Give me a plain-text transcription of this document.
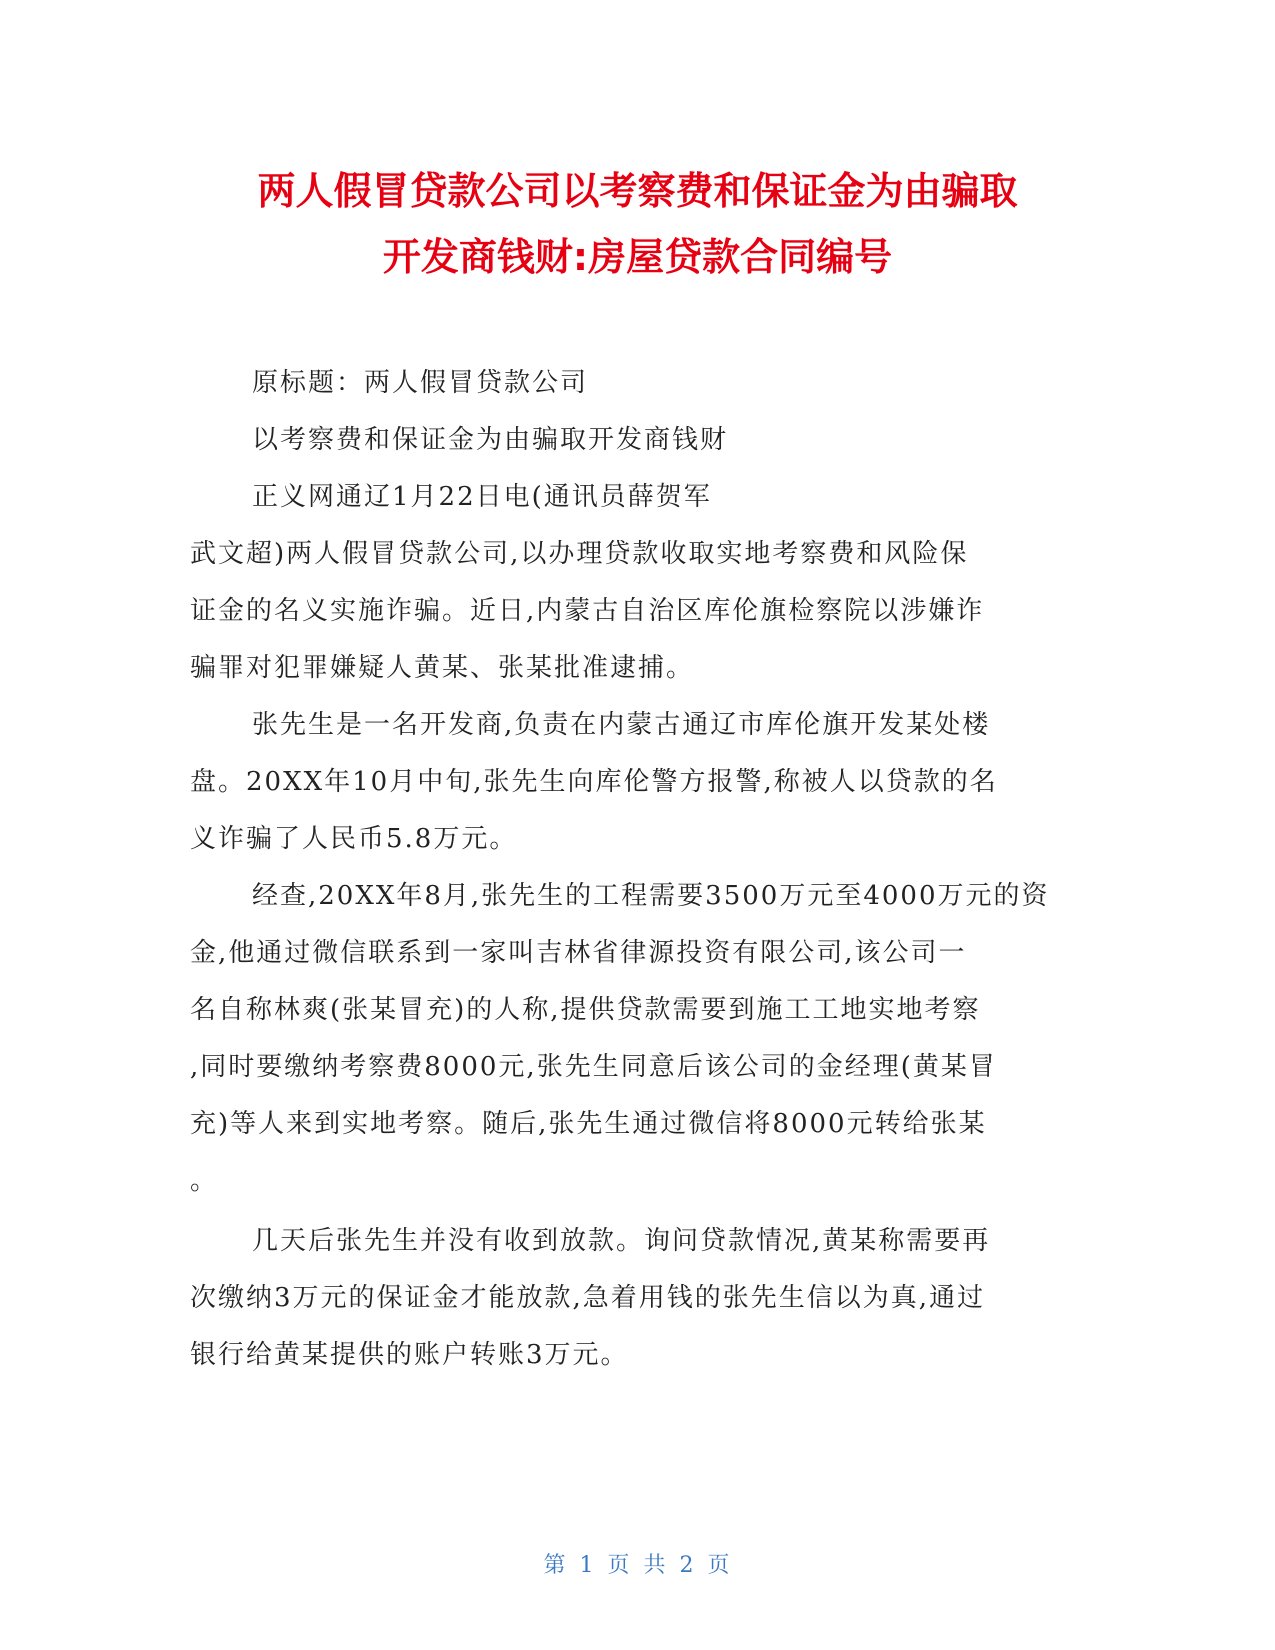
两人假冒贷款公司以考察费和保证金为由骗取
开发商钱财:房屋贷款合同编号
原标题：两人假冒贷款公司
以考察费和保证金为由骗取开发商钱财
正义网通辽1月22日电(通讯员薛贺军
武文超)两人假冒贷款公司,以办理贷款收取实地考察费和风险保
证金的名义实施诈骗。近日,内蒙古自治区库伦旗检察院以涉嫌诈
骗罪对犯罪嫌疑人黄某、张某批准逮捕。
张先生是一名开发商,负责在内蒙古通辽市库伦旗开发某处楼
盘。20XX年10月中旬,张先生向库伦警方报警,称被人以贷款的名
义诈骗了人民币5.8万元。
经查,20XX年8月,张先生的工程需要3500万元至4000万元的资
金,他通过微信联系到一家叫吉林省律源投资有限公司,该公司一
名自称林爽(张某冒充)的人称,提供贷款需要到施工工地实地考察
,同时要缴纳考察费8000元,张先生同意后该公司的金经理(黄某冒
充)等人来到实地考察。随后,张先生通过微信将8000元转给张某
。
几天后张先生并没有收到放款。询问贷款情况,黄某称需要再
次缴纳3万元的保证金才能放款,急着用钱的张先生信以为真,通过
银行给黄某提供的账户转账3万元。
第 1 页 共 2 页
